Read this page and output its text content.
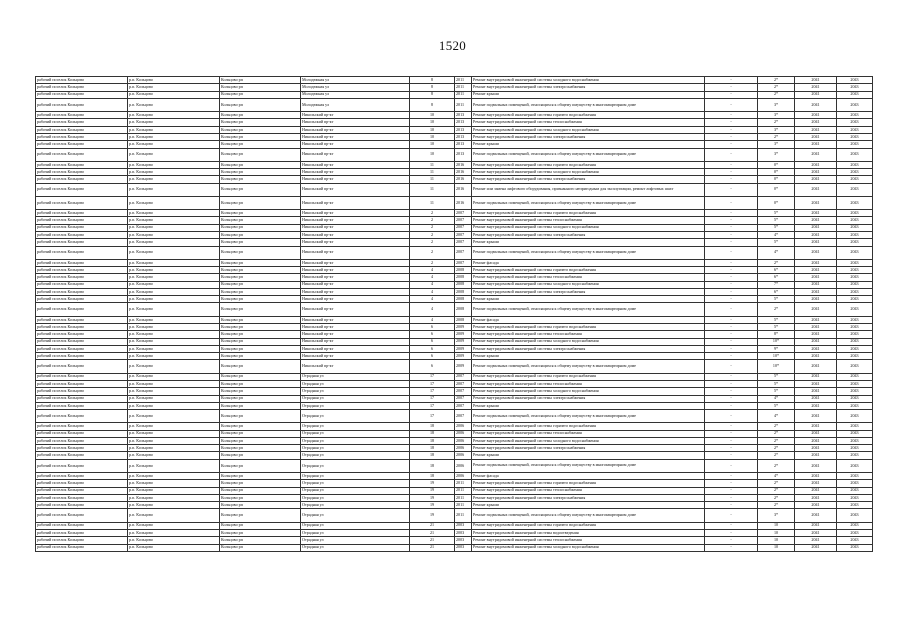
1520
рабочий поселок Кольцово	р.п. Кольцово	Кольцово рп	Молодежная ул	8	2011	Ремонт внутридомовой инженерной системы холодного водоснабжения	-	2*	2041	2043
рабочий поселок Кольцово	р.п. Кольцово	Кольцово рп	Молодежная ул	8	2011	Ремонт внутридомовой инженерной системы электроснабжения	-	2*	2041	2043
рабочий поселок Кольцово	р.п. Кольцово	Кольцово рп	Молодежная ул	8	2011	Ремонт крыши	-	2*	2041	2043
рабочий поселок Кольцово	р.п. Кольцово	Кольцово рп	Молодежная ул	8	2011	Ремонт подвальных помещений, относящихся к общему имуществу в многоквартирном доме	-	3*	2041	2043
рабочий поселок Кольцово	р.п. Кольцово	Кольцово рп	Никольский пр-кт	10	2013	Ремонт внутридомовой инженерной системы горячего водоснабжения	-	3*	2041	2043
рабочий поселок Кольцово	р.п. Кольцово	Кольцово рп	Никольский пр-кт	10	2013	Ремонт внутридомовой инженерной системы теплоснабжения	-	2*	2041	2043
рабочий поселок Кольцово	р.п. Кольцово	Кольцово рп	Никольский пр-кт	10	2013	Ремонт внутридомовой инженерной системы холодного водоснабжения	-	3*	2041	2043
рабочий поселок Кольцово	р.п. Кольцово	Кольцово рп	Никольский пр-кт	10	2013	Ремонт внутридомовой инженерной системы электроснабжения	-	2*	2041	2043
рабочий поселок Кольцово	р.п. Кольцово	Кольцово рп	Никольский пр-кт	10	2013	Ремонт крыши	-	3*	2041	2043
рабочий поселок Кольцово	р.п. Кольцово	Кольцово рп	Никольский пр-кт	10	2013	Ремонт подвальных помещений, относящихся к общему имуществу в многоквартирном доме	-	3*	2041	2043
рабочий поселок Кольцово	р.п. Кольцово	Кольцово рп	Никольский пр-кт	11	2016	Ремонт внутридомовой инженерной системы горячего водоснабжения	-	0*	2041	2043
рабочий поселок Кольцово	р.п. Кольцово	Кольцово рп	Никольский пр-кт	11	2016	Ремонт внутридомовой инженерной системы холодного водоснабжения	-	0*	2041	2043
рабочий поселок Кольцово	р.п. Кольцово	Кольцово рп	Никольский пр-кт	11	2016	Ремонт внутридомовой инженерной системы электроснабжения	-	0*	2041	2043
рабочий поселок Кольцово	р.п. Кольцово	Кольцово рп	Никольский пр-кт	11	2016	Ремонт или замена лифтового оборудования, признанного непригодным для эксплуатации, ремонт лифтовых шахт	-	0*	2041	2043
рабочий поселок Кольцово	р.п. Кольцово	Кольцово рп	Никольский пр-кт	11	2016	Ремонт подвальных помещений, относящихся к общему имуществу в многоквартирном доме	-	0*	2041	2043
рабочий поселок Кольцово	р.п. Кольцово	Кольцово рп	Никольский пр-кт	2	2007	Ремонт внутридомовой инженерной системы горячего водоснабжения	-	5*	2041	2043
рабочий поселок Кольцово	р.п. Кольцово	Кольцово рп	Никольский пр-кт	2	2007	Ремонт внутридомовой инженерной системы теплоснабжения	-	5*	2041	2043
рабочий поселок Кольцово	р.п. Кольцово	Кольцово рп	Никольский пр-кт	2	2007	Ремонт внутридомовой инженерной системы холодного водоснабжения	-	5*	2041	2043
рабочий поселок Кольцово	р.п. Кольцово	Кольцово рп	Никольский пр-кт	2	2007	Ремонт внутридомовой инженерной системы электроснабжения	-	4*	2041	2043
рабочий поселок Кольцово	р.п. Кольцово	Кольцово рп	Никольский пр-кт	2	2007	Ремонт крыши	-	5*	2041	2043
рабочий поселок Кольцово	р.п. Кольцово	Кольцово рп	Никольский пр-кт	2	2007	Ремонт подвальных помещений, относящихся к общему имуществу в многоквартирном доме	-	4*	2041	2043
рабочий поселок Кольцово	р.п. Кольцово	Кольцово рп	Никольский пр-кт	2	2007	Ремонт фасада	-	2*	2041	2043
рабочий поселок Кольцово	р.п. Кольцово	Кольцово рп	Никольский пр-кт	4	2008	Ремонт внутридомовой инженерной системы горячего водоснабжения	-	6*	2041	2043
рабочий поселок Кольцово	р.п. Кольцово	Кольцово рп	Никольский пр-кт	4	2008	Ремонт внутридомовой инженерной системы теплоснабжения	-	6*	2041	2043
рабочий поселок Кольцово	р.п. Кольцово	Кольцово рп	Никольский пр-кт	4	2008	Ремонт внутридомовой инженерной системы холодного водоснабжения	-	7*	2041	2043
рабочий поселок Кольцово	р.п. Кольцово	Кольцово рп	Никольский пр-кт	4	2008	Ремонт внутридомовой инженерной системы электроснабжения	-	6*	2041	2043
рабочий поселок Кольцово	р.п. Кольцово	Кольцово рп	Никольский пр-кт	4	2008	Ремонт крыши	-	5*	2041	2043
рабочий поселок Кольцово	р.п. Кольцово	Кольцово рп	Никольский пр-кт	4	2008	Ремонт подвальных помещений, относящихся к общему имуществу в многоквартирном доме	-	2*	2041	2043
рабочий поселок Кольцово	р.п. Кольцово	Кольцово рп	Никольский пр-кт	4	2008	Ремонт фасада	-	5*	2041	2043
рабочий поселок Кольцово	р.п. Кольцово	Кольцово рп	Никольский пр-кт	6	2009	Ремонт внутридомовой инженерной системы горячего водоснабжения	-	5*	2041	2043
рабочий поселок Кольцово	р.п. Кольцово	Кольцово рп	Никольский пр-кт	6	2009	Ремонт внутридомовой инженерной системы теплоснабжения	-	8*	2041	2043
рабочий поселок Кольцово	р.п. Кольцово	Кольцово рп	Никольский пр-кт	6	2009	Ремонт внутридомовой инженерной системы холодного водоснабжения	-	10*	2041	2043
рабочий поселок Кольцово	р.п. Кольцово	Кольцово рп	Никольский пр-кт	6	2009	Ремонт внутридомовой инженерной системы электроснабжения	-	9*	2041	2043
рабочий поселок Кольцово	р.п. Кольцово	Кольцово рп	Никольский пр-кт	6	2009	Ремонт крыши	-	10*	2041	2043
рабочий поселок Кольцово	р.п. Кольцово	Кольцово рп	Никольский пр-кт	6	2009	Ремонт подвальных помещений, относящихся к общему имуществу в многоквартирном доме	-	10*	2041	2043
рабочий поселок Кольцово	р.п. Кольцово	Кольцово рп	Отрадная ул	17	2007	Ремонт внутридомовой инженерной системы горячего водоснабжения	-	5*	2041	2043
рабочий поселок Кольцово	р.п. Кольцово	Кольцово рп	Отрадная ул	17	2007	Ремонт внутридомовой инженерной системы теплоснабжения	-	5*	2041	2043
рабочий поселок Кольцово	р.п. Кольцово	Кольцово рп	Отрадная ул	17	2007	Ремонт внутридомовой инженерной системы холодного водоснабжения	-	5*	2041	2043
рабочий поселок Кольцово	р.п. Кольцово	Кольцово рп	Отрадная ул	17	2007	Ремонт внутридомовой инженерной системы электроснабжения	-	4*	2041	2043
рабочий поселок Кольцово	р.п. Кольцово	Кольцово рп	Отрадная ул	17	2007	Ремонт крыши	-	5*	2041	2043
рабочий поселок Кольцово	р.п. Кольцово	Кольцово рп	Отрадная ул	17	2007	Ремонт подвальных помещений, относящихся к общему имуществу в многоквартирном доме	-	4*	2041	2043
рабочий поселок Кольцово	р.п. Кольцово	Кольцово рп	Отрадная ул	18	2006	Ремонт внутридомовой инженерной системы горячего водоснабжения	-	2*	2041	2043
рабочий поселок Кольцово	р.п. Кольцово	Кольцово рп	Отрадная ул	18	2006	Ремонт внутридомовой инженерной системы теплоснабжения	-	2*	2041	2043
рабочий поселок Кольцово	р.п. Кольцово	Кольцово рп	Отрадная ул	18	2006	Ремонт внутридомовой инженерной системы холодного водоснабжения	-	2*	2041	2043
рабочий поселок Кольцово	р.п. Кольцово	Кольцово рп	Отрадная ул	18	2006	Ремонт внутридомовой инженерной системы электроснабжения	-	2*	2041	2043
рабочий поселок Кольцово	р.п. Кольцово	Кольцово рп	Отрадная ул	18	2006	Ремонт крыши	-	2*	2041	2043
рабочий поселок Кольцово	р.п. Кольцово	Кольцово рп	Отрадная ул	18	2006	Ремонт подвальных помещений, относящихся к общему имуществу в многоквартирном доме	-	2*	2041	2043
рабочий поселок Кольцово	р.п. Кольцово	Кольцово рп	Отрадная ул	18	2006	Ремонт фасада	-	4*	2041	2043
рабочий поселок Кольцово	р.п. Кольцово	Кольцово рп	Отрадная ул	19	2011	Ремонт внутридомовой инженерной системы горячего водоснабжения	-	2*	2041	2043
рабочий поселок Кольцово	р.п. Кольцово	Кольцово рп	Отрадная ул	19	2011	Ремонт внутридомовой инженерной системы теплоснабжения	-	2*	2041	2043
рабочий поселок Кольцово	р.п. Кольцово	Кольцово рп	Отрадная ул	19	2011	Ремонт внутридомовой инженерной системы электроснабжения	-	2*	2041	2043
рабочий поселок Кольцово	р.п. Кольцово	Кольцово рп	Отрадная ул	19	2011	Ремонт крыши	-	2*	2041	2043
рабочий поселок Кольцово	р.п. Кольцово	Кольцово рп	Отрадная ул	19	2011	Ремонт подвальных помещений, относящихся к общему имуществу в многоквартирном доме	-	3*	2041	2043
рабочий поселок Кольцово	р.п. Кольцово	Кольцово рп	Отрадная ул	21	2003	Ремонт внутридомовой инженерной системы горячего водоснабжения	-	10	2041	2043
рабочий поселок Кольцово	р.п. Кольцово	Кольцово рп	Отрадная ул	21	2003	Ремонт внутридомовой инженерной системы водоотведения	-	10	2041	2043
рабочий поселок Кольцово	р.п. Кольцово	Кольцово рп	Отрадная ул	21	2003	Ремонт внутридомовой инженерной системы теплоснабжения	-	10	2041	2043
рабочий поселок Кольцово	р.п. Кольцово	Кольцово рп	Отрадная ул	21	2003	Ремонт внутридомовой инженерной системы холодного водоснабжения	-	10	2041	2043
